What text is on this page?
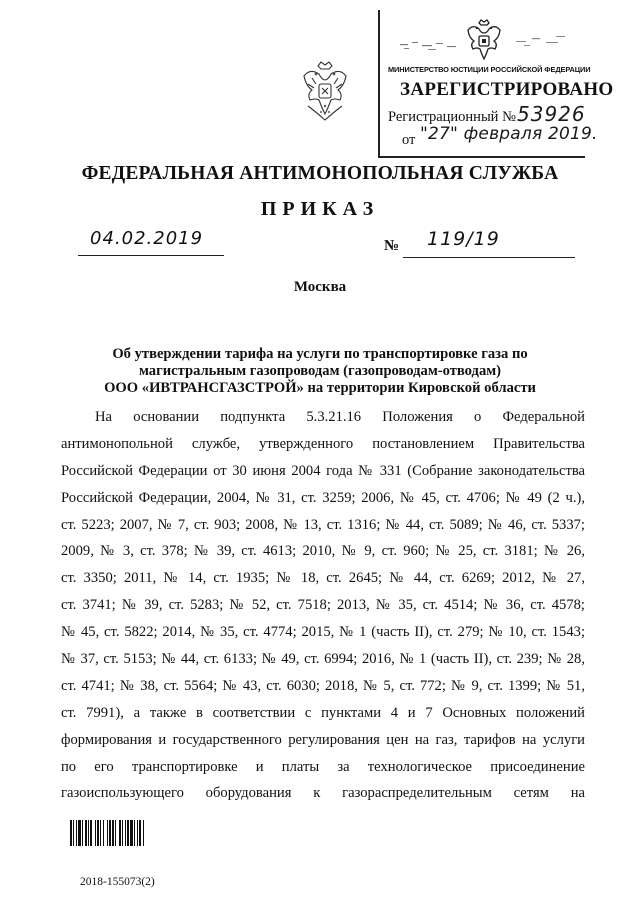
МИНИСТЕРСТВО ЮСТИЦИИ РОССИЙСКОЙ ФЕДЕРАЦИИ
ЗАРЕГИСТРИРОВАНО
Регистрационный № 53926
от "27" февраля 2019.
ФЕДЕРАЛЬНАЯ АНТИМОНОПОЛЬНАЯ СЛУЖБА
ПРИКАЗ
04.02.2019	№ 119/19
Москва
Об утверждении тарифа на услуги по транспортировке газа по
магистральным газопроводам (газопроводам-отводам)
ООО «ИВТРАНСГАЗСТРОЙ» на территории Кировской области
На основании подпункта 5.3.21.16 Положения о Федеральной
антимонопольной службе, утвержденного постановлением Правительства
Российской Федерации от 30 июня 2004 года № 331 (Собрание законодательства
Российской Федерации, 2004, № 31, ст. 3259; 2006, № 45, ст. 4706; № 49 (2 ч.),
ст. 5223; 2007, № 7, ст. 903; 2008, № 13, ст. 1316; № 44, ст. 5089; № 46, ст. 5337;
2009, № 3, ст. 378; № 39, ст. 4613; 2010, № 9, ст. 960; № 25, ст. 3181; № 26,
ст. 3350; 2011, № 14, ст. 1935; № 18, ст. 2645; № 44, ст. 6269; 2012, № 27,
ст. 3741; № 39, ст. 5283; № 52, ст. 7518; 2013, № 35, ст. 4514; № 36, ст. 4578;
№ 45, ст. 5822; 2014, № 35, ст. 4774; 2015, № 1 (часть II), ст. 279; № 10, ст. 1543;
№ 37, ст. 5153; № 44, ст. 6133; № 49, ст. 6994; 2016, № 1 (часть II), ст. 239; № 28,
ст. 4741; № 38, ст. 5564; № 43, ст. 6030; 2018, № 5, ст. 772; № 9, ст. 1399; № 51,
ст. 7991), а также в соответствии с пунктами 4 и 7 Основных положений
формирования и государственного регулирования цен на газ, тарифов на услуги
по его транспортировке и платы за технологическое присоединение
газоиспользующего оборудования к газораспределительным сетям на
2018-155073(2)
